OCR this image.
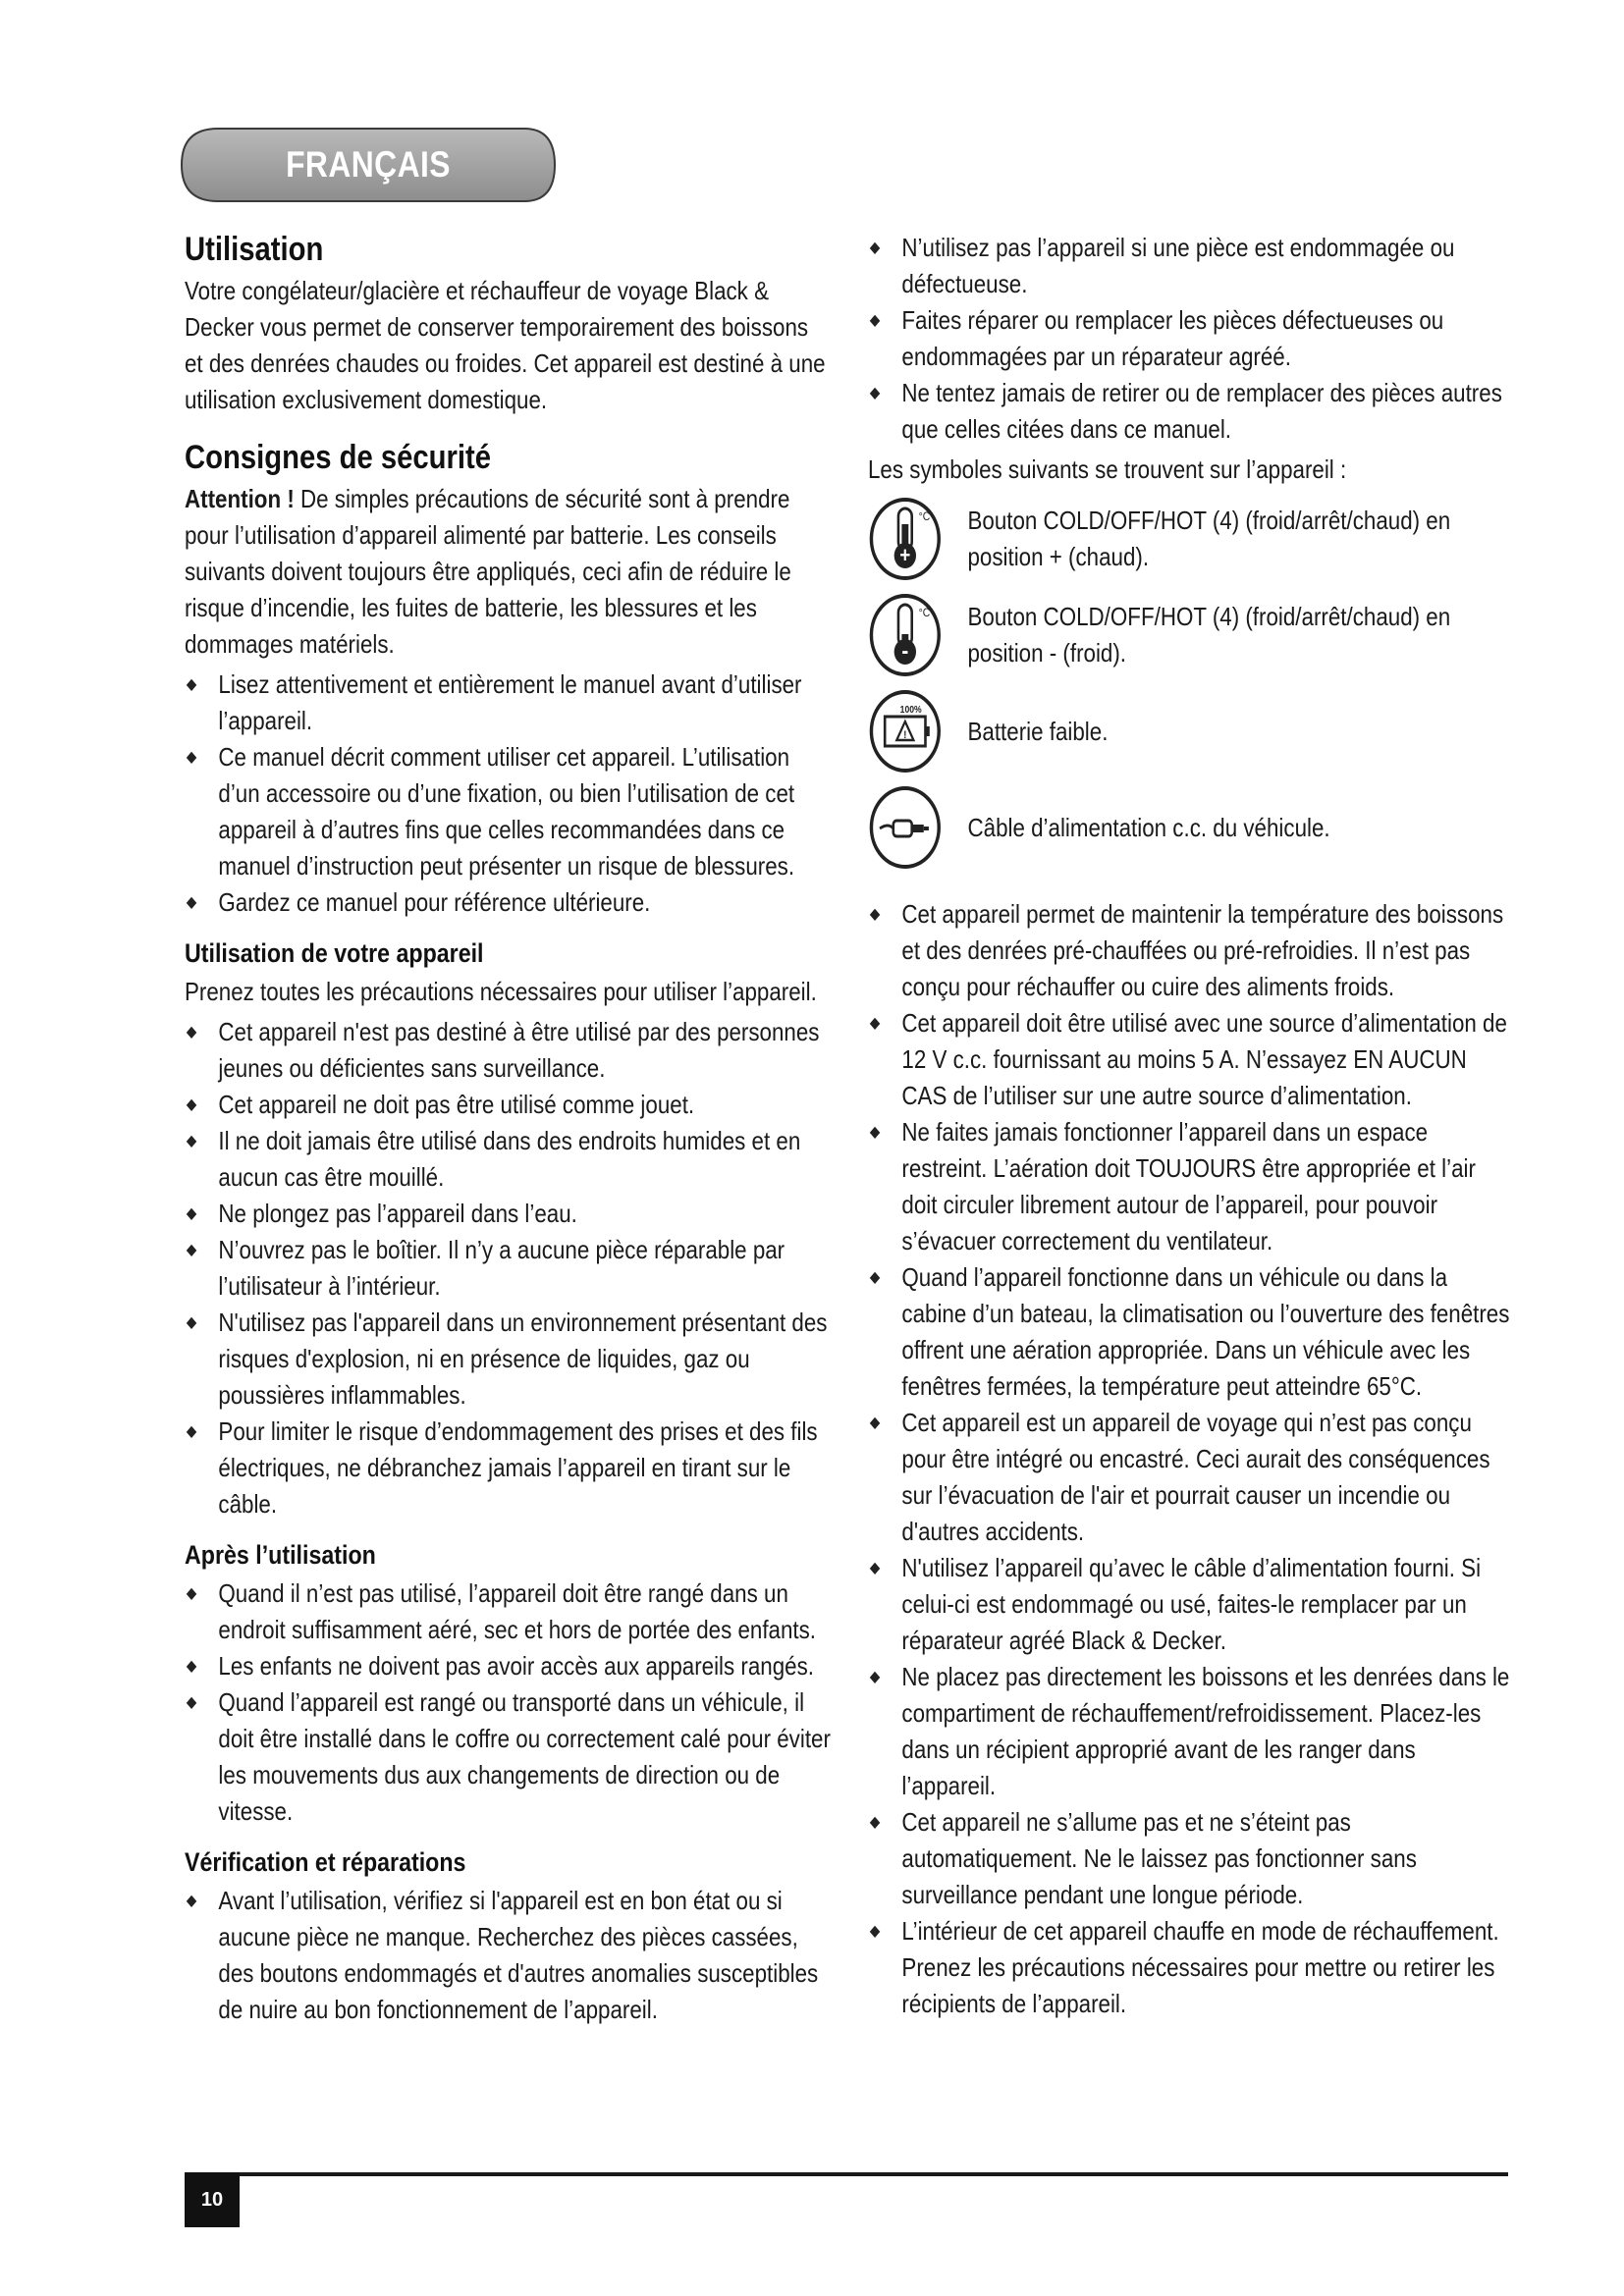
FRANÇAIS
Utilisation

Votre congélateur/glacière et réchauffeur de voyage Black & Decker vous permet de conserver temporairement des boissons et des denrées chaudes ou froides. Cet appareil est destiné à une utilisation exclusivement domestique.

Consignes de sécurité

Attention ! De simples précautions de sécurité sont à prendre pour l’utilisation d’appareil alimenté par batterie. Les conseils suivants doivent toujours être appliqués, ceci afin de réduire le risque d’incendie, les fuites de batterie, les blessures et les dommages matériels.

◆ Lisez attentivement et entièrement le manuel avant d’utiliser l’appareil.
◆ Ce manuel décrit comment utiliser cet appareil. L’utilisation d’un accessoire ou d’une fixation, ou bien l’utilisation de cet appareil à d’autres fins que celles recommandées dans ce manuel d’instruction peut présenter un risque de blessures.
◆ Gardez ce manuel pour référence ultérieure.
Utilisation de votre appareil

Prenez toutes les précautions nécessaires pour utiliser l’appareil.

◆ Cet appareil n'est pas destiné à être utilisé par des personnes jeunes ou déficientes sans surveillance.
◆ Cet appareil ne doit pas être utilisé comme jouet.
◆ Il ne doit jamais être utilisé dans des endroits humides et en aucun cas être mouillé.
◆ Ne plongez pas l’appareil dans l’eau.
◆ N’ouvrez pas le boîtier. Il n’y a aucune pièce réparable par l’utilisateur à l’intérieur.
◆ N'utilisez pas l'appareil dans un environnement présentant des risques d'explosion, ni en présence de liquides, gaz ou poussières inflammables.
◆ Pour limiter le risque d’endommagement des prises et des fils électriques, ne débranchez jamais l’appareil en tirant sur le câble.
Après l’utilisation
◆ Quand il n’est pas utilisé, l’appareil doit être rangé dans un endroit suffisamment aéré, sec et hors de portée des enfants.
◆ Les enfants ne doivent pas avoir accès aux appareils rangés.
◆ Quand l’appareil est rangé ou transporté dans un véhicule, il doit être installé dans le coffre ou correctement calé pour éviter les mouvements dus aux changements de direction ou de vitesse.
Vérification et réparations
◆ Avant l’utilisation, vérifiez si l'appareil est en bon état ou si aucune pièce ne manque. Recherchez des pièces cassées, des boutons endommagés et d'autres anomalies susceptibles de nuire au bon fonctionnement de l’appareil.
◆ N’utilisez pas l’appareil si une pièce est endommagée ou défectueuse.
◆ Faites réparer ou remplacer les pièces défectueuses ou endommagées par un réparateur agréé.
◆ Ne tentez jamais de retirer ou de remplacer des pièces autres que celles citées dans ce manuel.

Les symboles suivants se trouvent sur l’appareil :

+
°C Bouton COLD/OFF/HOT (4) (froid/arrêt/chaud) en position + (chaud).
-
°C Bouton COLD/OFF/HOT (4) (froid/arrêt/chaud) en position - (froid).
!
100%
Batterie faible.
Câble d’alimentation c.c. du véhicule.
◆ Cet appareil permet de maintenir la température des boissons et des denrées pré-chauffées ou pré-refroidies. Il n’est pas conçu pour réchauffer ou cuire des aliments froids.
◆ Cet appareil doit être utilisé avec une source d’alimentation de 12 V c.c. fournissant au moins 5 A. N’essayez EN AUCUN CAS de l’utiliser sur une autre source d’alimentation.
◆ Ne faites jamais fonctionner l’appareil dans un espace restreint. L’aération doit TOUJOURS être appropriée et l’air doit circuler librement autour de l’appareil, pour pouvoir s’évacuer correctement du ventilateur.
◆ Quand l’appareil fonctionne dans un véhicule ou dans la cabine d’un bateau, la climatisation ou l’ouverture des fenêtres offrent une aération appropriée. Dans un véhicule avec les fenêtres fermées, la température peut atteindre 65°C.
◆ Cet appareil est un appareil de voyage qui n’est pas conçu pour être intégré ou encastré. Ceci aurait des conséquences sur l’évacuation de l'air et pourrait causer un incendie ou d'autres accidents.
◆ N'utilisez l’appareil qu’avec le câble d’alimentation fourni. Si celui-ci est endommagé ou usé, faites-le remplacer par un réparateur agréé Black & Decker.
◆ Ne placez pas directement les boissons et les denrées dans le compartiment de réchauffement/refroidissement. Placez-les dans un récipient approprié avant de les ranger dans l’appareil.
◆ Cet appareil ne s’allume pas et ne s’éteint pas automatiquement. Ne le laissez pas fonctionner sans surveillance pendant une longue période.
◆ L’intérieur de cet appareil chauffe en mode de réchauffement. Prenez les précautions nécessaires pour mettre ou retirer les récipients de l’appareil.
10
